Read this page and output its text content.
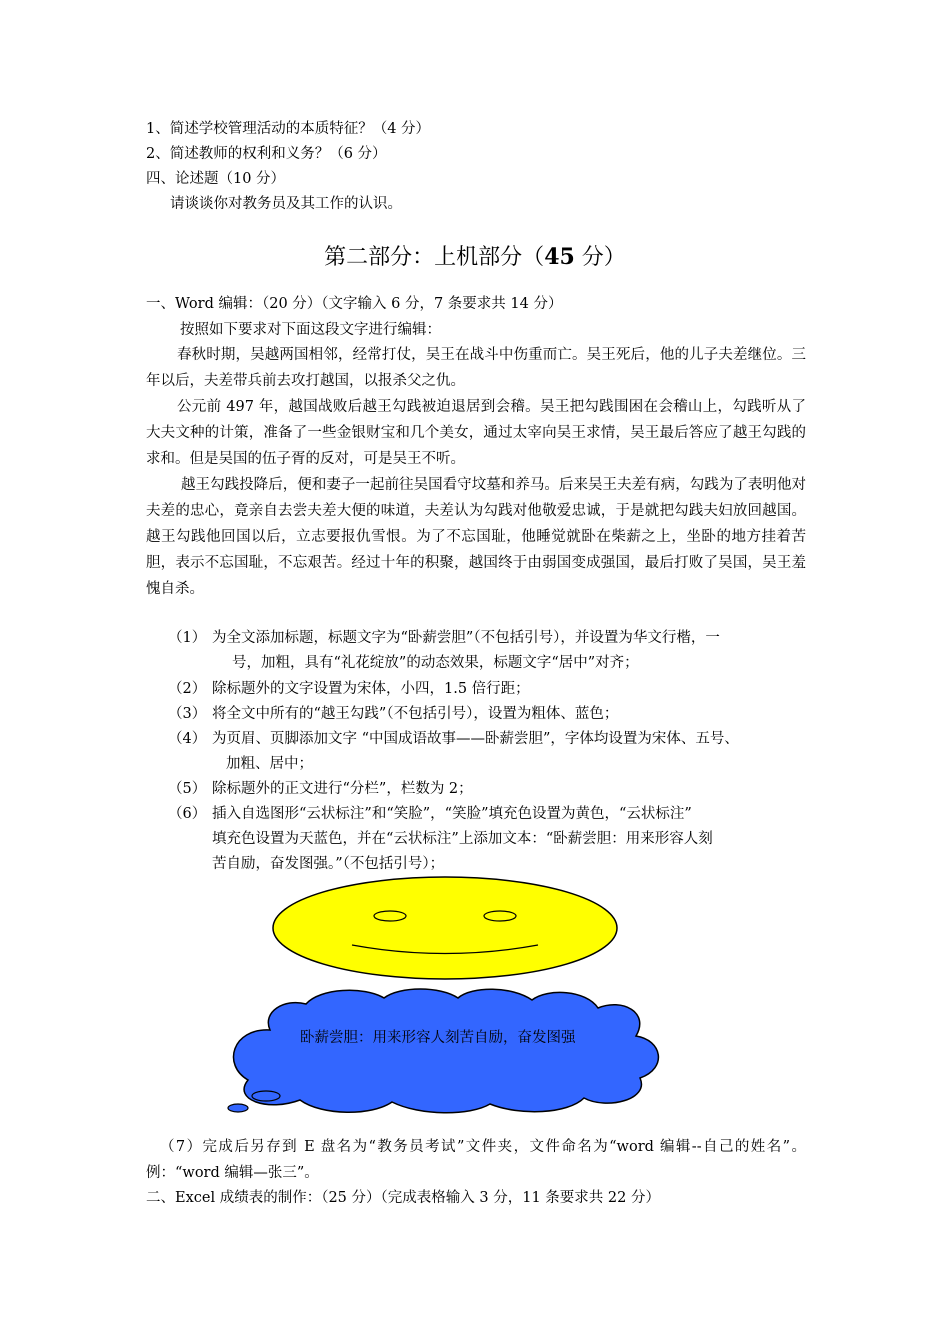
1、简述学校管理活动的本质特征？（4 分）
2、简述教师的权利和义务？（6 分）
四、论述题（10 分）
请谈谈你对教务员及其工作的认识。
第二部分：上机部分（45 分）
一、Word 编辑：（20 分）（文字输入 6 分，7 条要求共 14 分）
按照如下要求对下面这段文字进行编辑：
春秋时期，吴越两国相邻，经常打仗，吴王在战斗中伤重而亡。吴王死后，他的儿子夫差继位。三年以后，夫差带兵前去攻打越国，以报杀父之仇。
公元前 497 年，越国战败后越王勾践被迫退居到会稽。吴王把勾践围困在会稽山上，勾践听从了大夫文种的计策，准备了一些金银财宝和几个美女，通过太宰向吴王求情，吴王最后答应了越王勾践的求和。但是吴国的伍子胥的反对，可是吴王不听。
越王勾践投降后，便和妻子一起前往吴国看守坟墓和养马。后来吴王夫差有病，勾践为了表明他对夫差的忠心，竟亲自去尝夫差大便的味道，夫差认为勾践对他敬爱忠诚，于是就把勾践夫妇放回越国。越王勾践他回国以后，立志要报仇雪恨。为了不忘国耻，他睡觉就卧在柴薪之上，坐卧的地方挂着苦胆，表示不忘国耻，不忘艰苦。经过十年的积聚，越国终于由弱国变成强国，最后打败了吴国，吴王羞愧自杀。
（1） 为全文添加标题，标题文字为“卧薪尝胆”（不包括引号），并设置为华文行楷，一
号，加粗，具有“礼花绽放”的动态效果，标题文字“居中”对齐；
（2） 除标题外的文字设置为宋体，小四，1.5 倍行距；
（3） 将全文中所有的“越王勾践”（不包括引号），设置为粗体、蓝色；
（4） 为页眉、页脚添加文字 “中国成语故事——卧薪尝胆”，字体均设置为宋体、五号、
加粗、居中；
（5） 除标题外的正文进行“分栏”，栏数为 2；
（6） 插入自选图形“云状标注”和“笑脸”，“笑脸”填充色设置为黄色，“云状标注”
填充色设置为天蓝色，并在“云状标注”上添加文本：“卧薪尝胆：用来形容人刻
苦自励，奋发图强。”（不包括引号）；
卧薪尝胆：用来形容人刻苦自励，奋发图强
（7）完成后另存到 E 盘名为“教务员考试”文件夹，文件命名为“word 编辑--自己的姓名”。例：“word 编辑—张三”。
二、Excel 成绩表的制作：（25 分）（完成表格输入 3 分，11 条要求共 22 分）
